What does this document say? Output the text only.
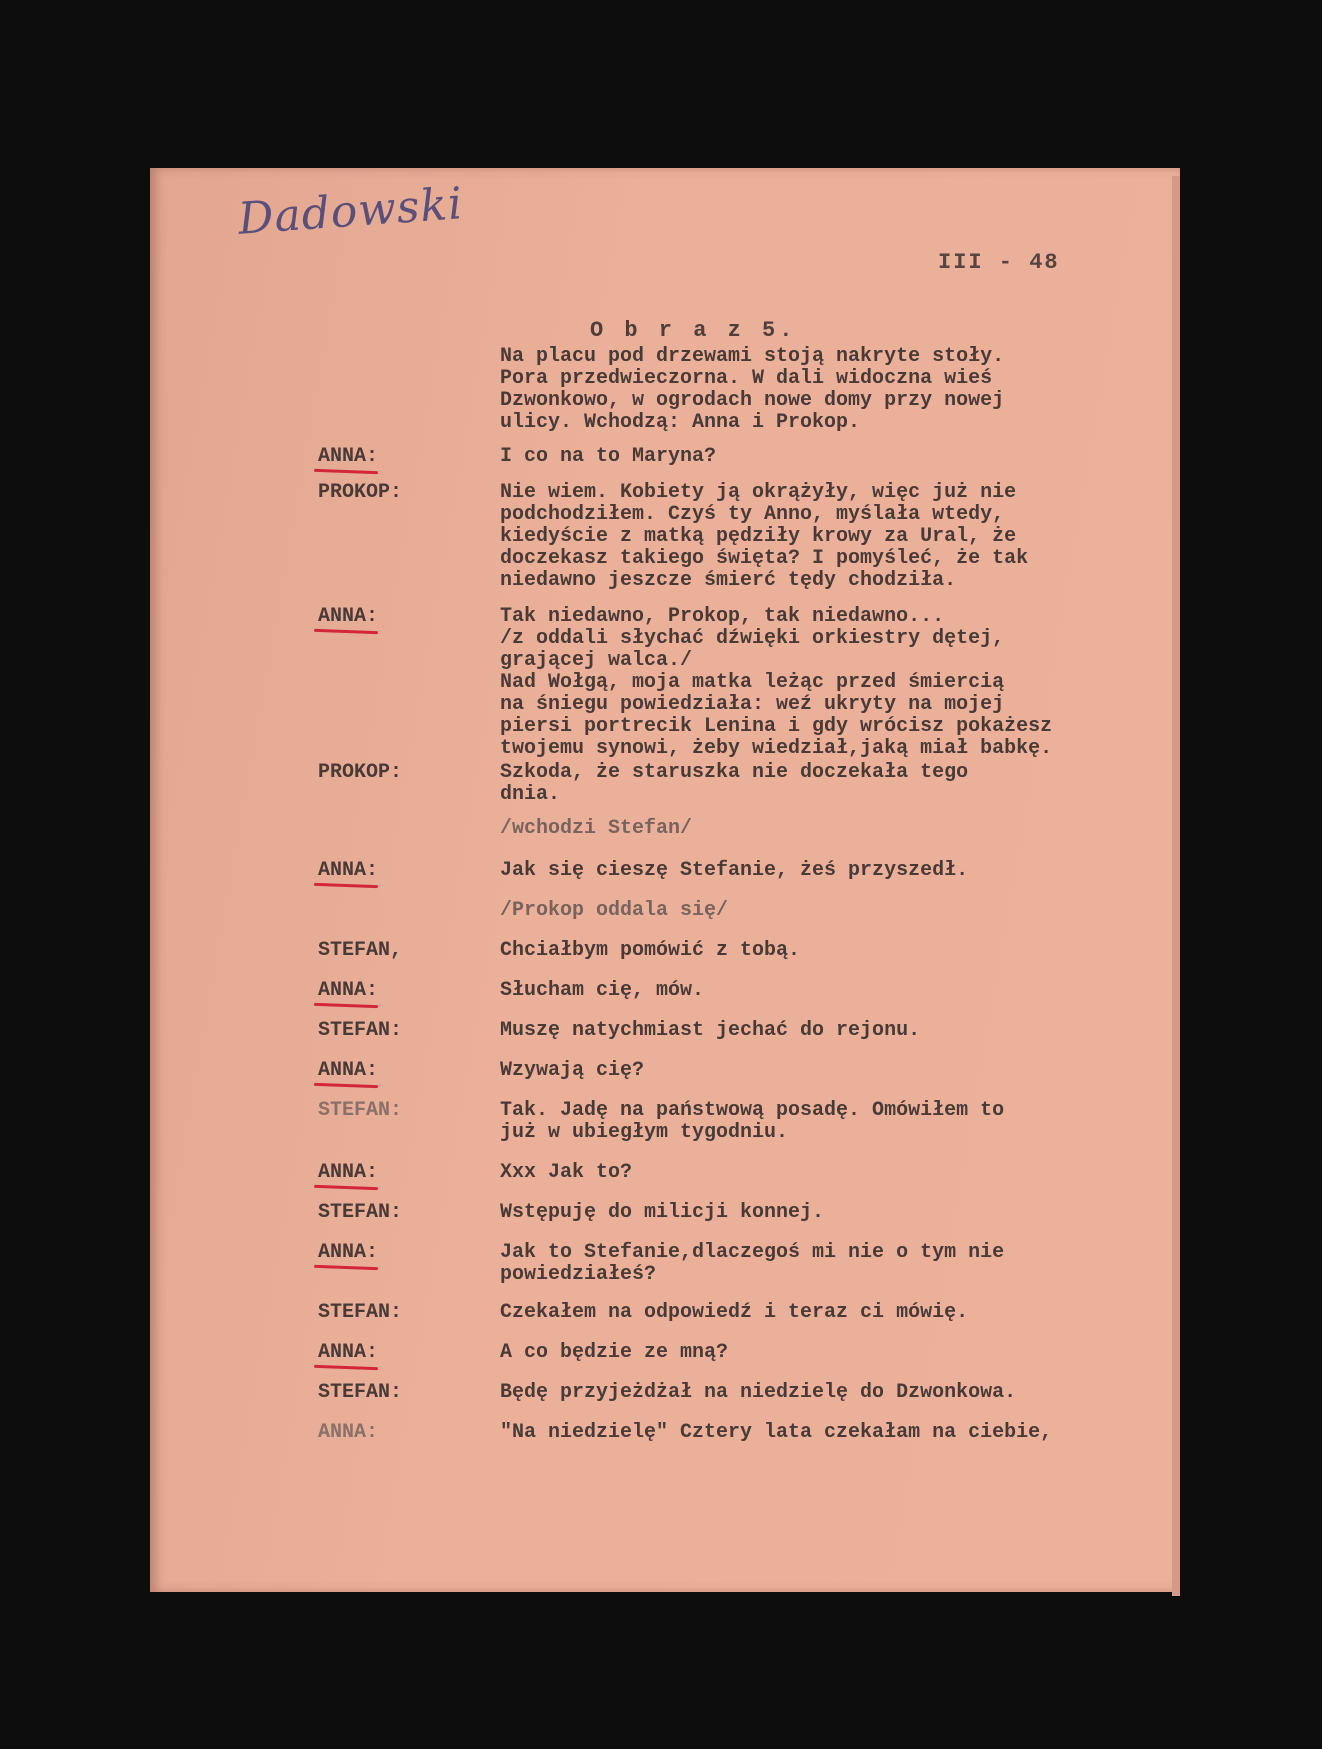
Dadowski
III - 48
O b r a z 5.
Na placu pod drzewami stoją nakryte stoły.
Pora przedwieczorna. W dali widoczna wieś
Dzwonkowo, w ogrodach nowe domy przy nowej
ulicy. Wchodzą: Anna i Prokop.
ANNA:	I co na to Maryna?
PROKOP:	Nie wiem. Kobiety ją okrążyły, więc już nie
podchodziłem. Czyś ty Anno, myślała wtedy,
kiedyście z matką pędziły krowy za Ural, że
doczekasz takiego święta? I pomyśleć, że tak
niedawno jeszcze śmierć tędy chodziła.
ANNA:	Tak niedawno, Prokop, tak niedawno...
/z oddali słychać dźwięki orkiestry dętej,
grającej walca./
Nad Wołgą, moja matka leżąc przed śmiercią
na śniegu powiedziała: weź ukryty na mojej
piersi portrecik Lenina i gdy wrócisz pokażesz
twojemu synowi, żeby wiedział,jaką miał babkę.
PROKOP:	Szkoda, że staruszka nie doczekała tego
dnia.
/wchodzi Stefan/
ANNA:	Jak się cieszę Stefanie, żeś przyszedł.
/Prokop oddala się/
STEFAN,	Chciałbym pomówić z tobą.
ANNA:	Słucham cię, mów.
STEFAN:	Muszę natychmiast jechać do rejonu.
ANNA:	Wzywają cię?
STEFAN:	Tak. Jadę na państwową posadę. Omówiłem to
już w ubiegłym tygodniu.
ANNA:	Xxx Jak to?
STEFAN:	Wstępuję do milicji konnej.
ANNA:	Jak to Stefanie,dlaczegoś mi nie o tym nie
powiedziałeś?
STEFAN:	Czekałem na odpowiedź i teraz ci mówię.
ANNA:	A co będzie ze mną?
STEFAN:	Będę przyjeżdżał na niedzielę do Dzwonkowa.
ANNA:	"Na niedzielę" Cztery lata czekałam na ciebie,
